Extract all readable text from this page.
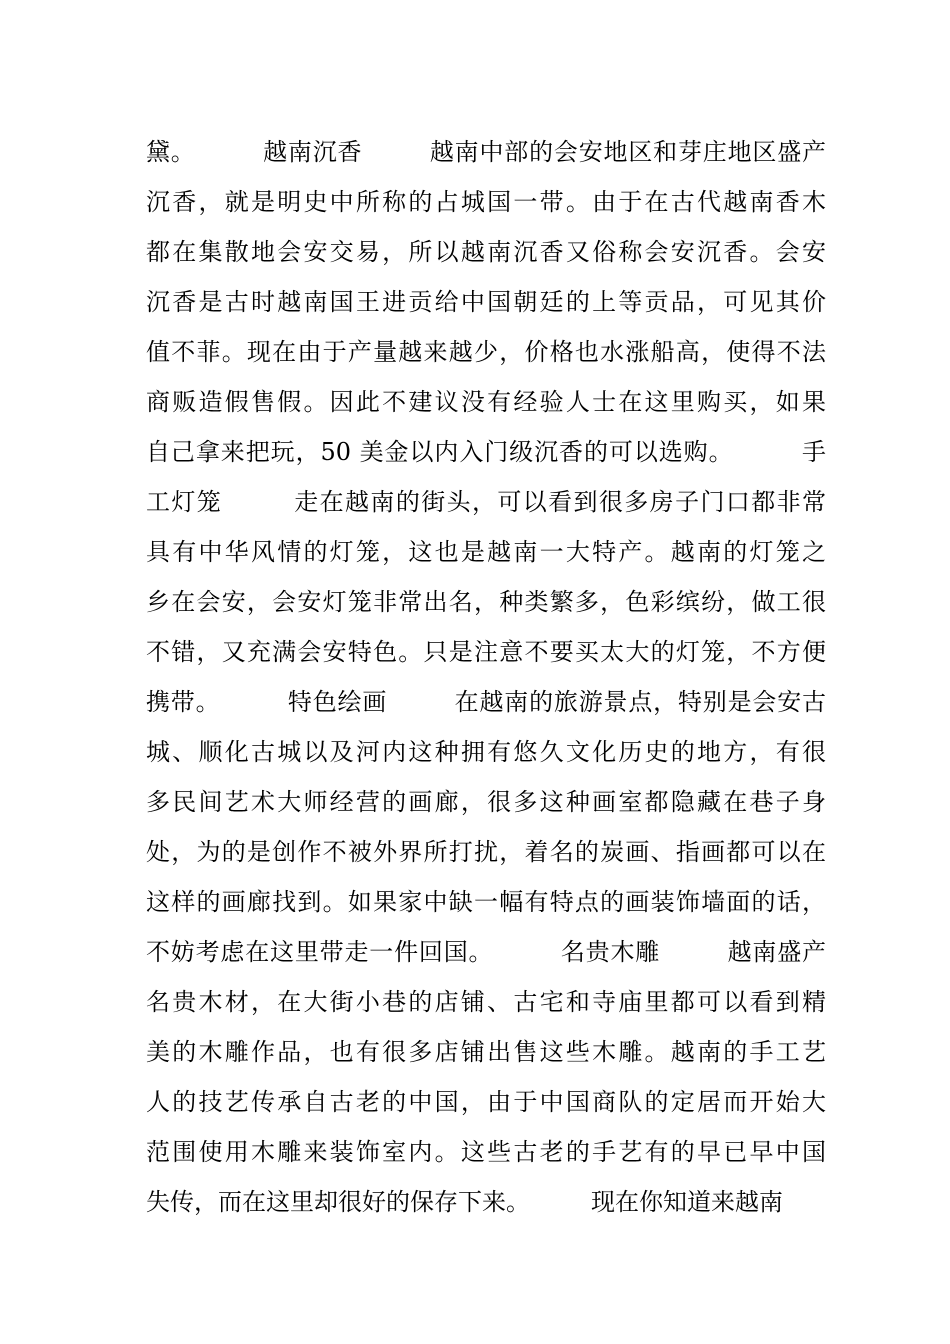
黛。        越南沉香        越南中部的会安地区和芽庄地区盛产
沉香，就是明史中所称的占城国一带。由于在古代越南香木
都在集散地会安交易，所以越南沉香又俗称会安沉香。会安
沉香是古时越南国王进贡给中国朝廷的上等贡品，可见其价
值不菲。现在由于产量越来越少，价格也水涨船高，使得不法
商贩造假售假。因此不建议没有经验人士在这里购买，如果
自己拿来把玩，50 美金以内入门级沉香的可以选购。        手
工灯笼        走在越南的街头，可以看到很多房子门口都非常
具有中华风情的灯笼，这也是越南一大特产。越南的灯笼之
乡在会安，会安灯笼非常出名，种类繁多，色彩缤纷，做工很
不错，又充满会安特色。只是注意不要买太大的灯笼，不方便
携带。        特色绘画        在越南的旅游景点，特别是会安古
城、顺化古城以及河内这种拥有悠久文化历史的地方，有很
多民间艺术大师经营的画廊，很多这种画室都隐藏在巷子身
处，为的是创作不被外界所打扰，着名的炭画、指画都可以在
这样的画廊找到。如果家中缺一幅有特点的画装饰墙面的话，
不妨考虑在这里带走一件回国。        名贵木雕        越南盛产
名贵木材，在大街小巷的店铺、古宅和寺庙里都可以看到精
美的木雕作品，也有很多店铺出售这些木雕。越南的手工艺
人的技艺传承自古老的中国，由于中国商队的定居而开始大
范围使用木雕来装饰室内。这些古老的手艺有的早已早中国
失传，而在这里却很好的保存下来。        现在你知道来越南
